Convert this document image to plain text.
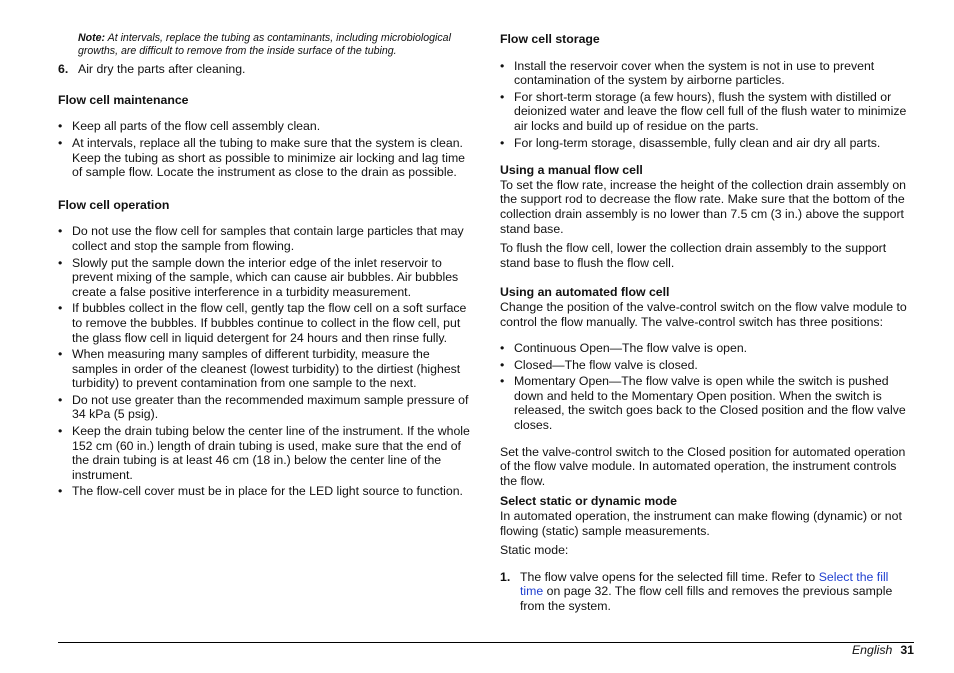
Note: At intervals, replace the tubing as contaminants, including microbiological growths, are difficult to remove from the inside surface of the tubing.

6. Air dry the parts after cleaning.
Flow cell maintenance
• Keep all parts of the flow cell assembly clean.
• At intervals, replace all the tubing to make sure that the system is clean. Keep the tubing as short as possible to minimize air locking and lag time of sample flow. Locate the instrument as close to the drain as possible.
Flow cell operation
• Do not use the flow cell for samples that contain large particles that may collect and stop the sample from flowing.
• Slowly put the sample down the interior edge of the inlet reservoir to prevent mixing of the sample, which can cause air bubbles. Air bubbles create a false positive interference in a turbidity measurement.
• If bubbles collect in the flow cell, gently tap the flow cell on a soft surface to remove the bubbles. If bubbles continue to collect in the flow cell, put the glass flow cell in liquid detergent for 24 hours and then rinse fully.
• When measuring many samples of different turbidity, measure the samples in order of the cleanest (lowest turbidity) to the dirtiest (highest turbidity) to prevent contamination from one sample to the next.
• Do not use greater than the recommended maximum sample pressure of 34 kPa (5 psig).
• Keep the drain tubing below the center line of the instrument. If the whole 152 cm (60 in.) length of drain tubing is used, make sure that the end of the drain tubing is at least 46 cm (18 in.) below the center line of the instrument.
• The flow-cell cover must be in place for the LED light source to function.
Flow cell storage
• Install the reservoir cover when the system is not in use to prevent contamination of the system by airborne particles.
• For short-term storage (a few hours), flush the system with distilled or deionized water and leave the flow cell full of the flush water to minimize air locks and build up of residue on the parts.
• For long-term storage, disassemble, fully clean and air dry all parts.
Using a manual flow cell

To set the flow rate, increase the height of the collection drain assembly on the support rod to decrease the flow rate. Make sure that the bottom of the collection drain assembly is no lower than 7.5 cm (3 in.) above the support stand base.

To flush the flow cell, lower the collection drain assembly to the support stand base to flush the flow cell.

Using an automated flow cell

Change the position of the valve-control switch on the flow valve module to control the flow manually. The valve-control switch has three positions:

• Continuous Open—The flow valve is open.
• Closed—The flow valve is closed.
• Momentary Open—The flow valve is open while the switch is pushed down and held to the Momentary Open position. When the switch is released, the switch goes back to the Closed position and the flow valve closes.

Set the valve-control switch to the Closed position for automated operation of the flow valve module. In automated operation, the instrument controls the flow.

Select static or dynamic mode

In automated operation, the instrument can make flowing (dynamic) or not flowing (static) sample measurements.

Static mode:

1. The flow valve opens for the selected fill time. Refer to Select the fill time on page 32. The flow cell fills and removes the previous sample from the system.
English 31
